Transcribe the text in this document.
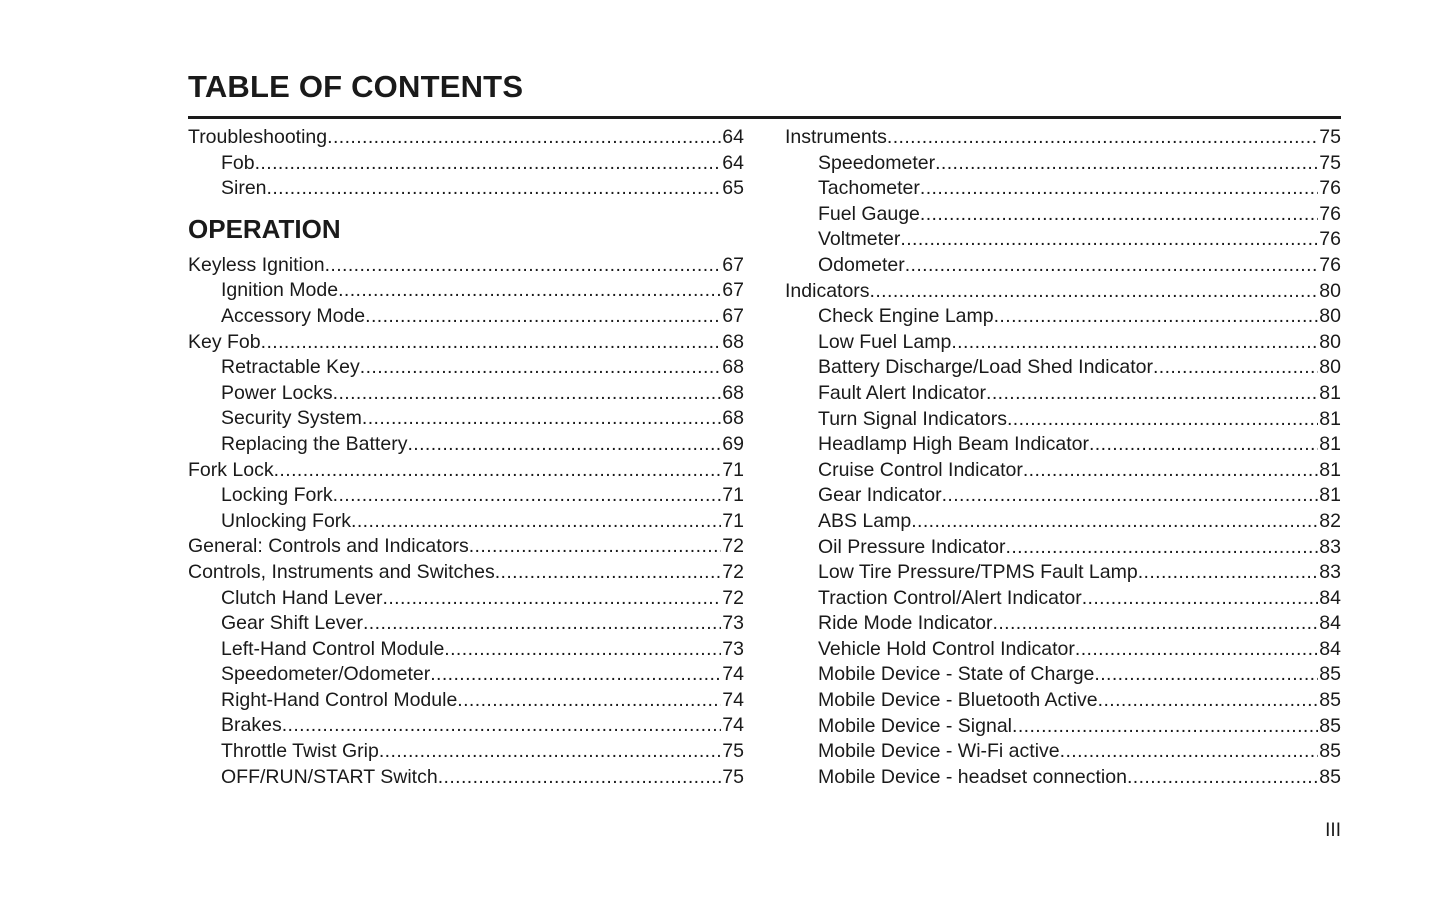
TABLE OF CONTENTS
Troubleshooting .....	64
Fob .....	64
Siren .....	65
OPERATION
Keyless Ignition .....	67
Ignition Mode .....	67
Accessory Mode .....	67
Key Fob .....	68
Retractable Key .....	68
Power Locks .....	68
Security System .....	68
Replacing the Battery .....	69
Fork Lock .....	71
Locking Fork .....	71
Unlocking Fork .....	71
General: Controls and Indicators .....	72
Controls, Instruments and Switches .....	72
Clutch Hand Lever .....	72
Gear Shift Lever .....	73
Left-Hand Control Module .....	73
Speedometer/Odometer .....	74
Right-Hand Control Module .....	74
Brakes .....	74
Throttle Twist Grip .....	75
OFF/RUN/START Switch .....	75
Instruments .....	75
Speedometer .....	75
Tachometer .....	76
Fuel Gauge .....	76
Voltmeter .....	76
Odometer .....	76
Indicators .....	80
Check Engine Lamp .....	80
Low Fuel Lamp .....	80
Battery Discharge/Load Shed Indicator .....	80
Fault Alert Indicator .....	81
Turn Signal Indicators .....	81
Headlamp High Beam Indicator .....	81
Cruise Control Indicator .....	81
Gear Indicator .....	81
ABS Lamp .....	82
Oil Pressure Indicator .....	83
Low Tire Pressure/TPMS Fault Lamp .....	83
Traction Control/Alert Indicator .....	84
Ride Mode Indicator .....	84
Vehicle Hold Control Indicator .....	84
Mobile Device - State of Charge .....	85
Mobile Device - Bluetooth Active .....	85
Mobile Device - Signal .....	85
Mobile Device - Wi-Fi active .....	85
Mobile Device - headset connection .....	85
III
